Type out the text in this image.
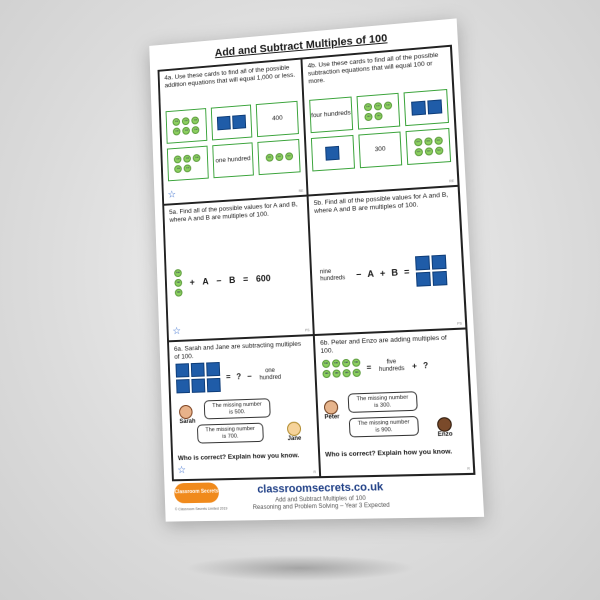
Add and Subtract Multiples of 100
4a. Use these cards to find all of the possible addition equations that will equal 1,000 or less.
100	100	100
100	100	100
400
100	100	100
100	100
one hundred	100	100	100
☆	RE
4b. Use these cards to find all of the possible subtraction equations that will equal 100 or more.
four hundreds
100	100	100
100	100
300
100	100	100
100	100	100
RE
5a. Find all of the possible values for A and B, where A and B are multiples of 100.
100
100
100
+ A − B = 600
☆	PS
5b. Find all of the possible values for A and B, where A and B are multiples of 100.
nine hundreds	− A + B =
PS
6a. Sarah and Jane are subtracting multiples of 100.
= ? −
one hundred
Sarah
The missing number is 500.
The missing number is 700.	Jane
Who is correct? Explain how you know.
☆	R
6b. Peter and Enzo are adding multiples of 100.
100	100	100	100
100	100	100	100
=
five hundreds + ?
Peter
The missing number is 300.
The missing number is 900.
Enzo
Who is correct? Explain how you know.
R
Classroom Secrets	classroomsecrets.co.uk
Add and Subtract Multiples of 100
Reasoning and Problem Solving – Year 3 Expected
© Classroom Secrets Limited 2019
